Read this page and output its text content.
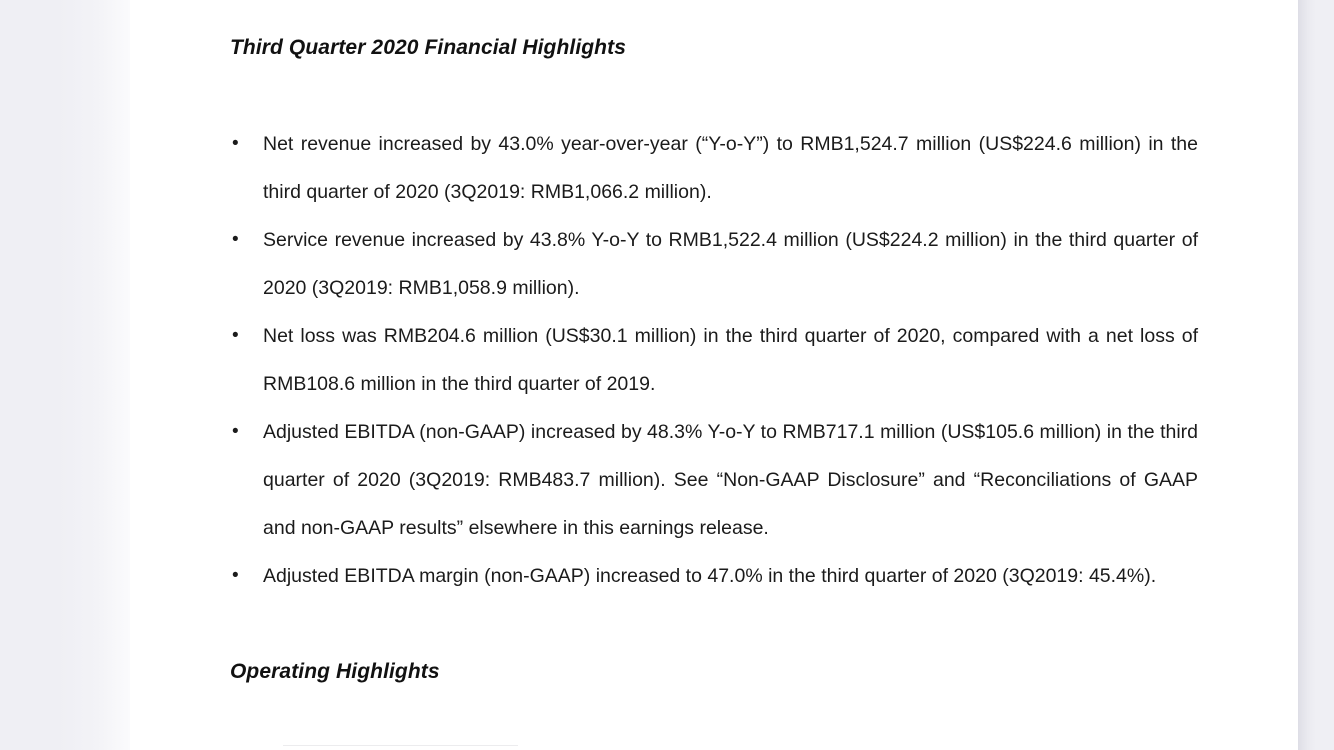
Third Quarter 2020 Financial Highlights
• Net revenue increased by 43.0% year-over-year (“Y-o-Y”) to RMB1,524.7 million (US$224.6 million) in the third quarter of 2020 (3Q2019: RMB1,066.2 million).
• Service revenue increased by 43.8% Y-o-Y to RMB1,522.4 million (US$224.2 million) in the third quarter of 2020 (3Q2019: RMB1,058.9 million).
• Net loss was RMB204.6 million (US$30.1 million) in the third quarter of 2020, compared with a net loss of RMB108.6 million in the third quarter of 2019.
• Adjusted EBITDA (non-GAAP) increased by 48.3% Y-o-Y to RMB717.1 million (US$105.6 million) in the third quarter of 2020 (3Q2019: RMB483.7 million). See “Non-GAAP Disclosure” and “Reconciliations of GAAP and non-GAAP results” elsewhere in this earnings release.
• Adjusted EBITDA margin (non-GAAP) increased to 47.0% in the third quarter of 2020 (3Q2019: 45.4%).
Operating Highlights
